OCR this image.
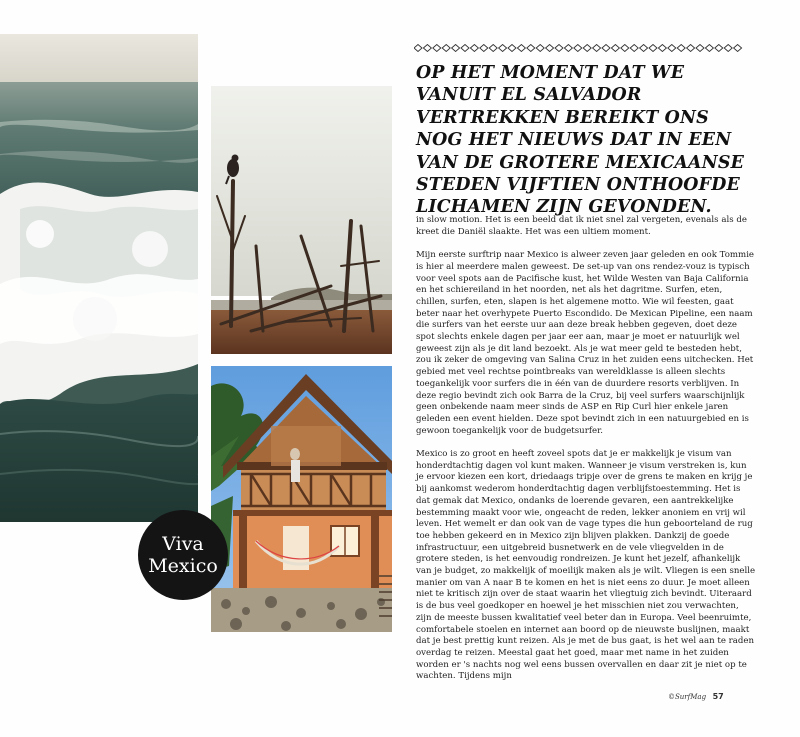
Viva
Mexico
OP HET MOMENT DAT WE VANUIT EL SALVADOR VERTREKKEN BEREIKT ONS NOG HET NIEUWS DAT IN EEN VAN DE GROTERE MEXICAANSE STEDEN VIJFTIEN ONTHOOFDE LICHAMEN ZIJN GEVONDEN.

in slow motion. Het is een beeld dat ik niet snel zal vergeten, evenals als de kreet die Daniël slaakte. Het was een ultiem moment.

Mijn eerste surftrip naar Mexico is alweer zeven jaar geleden en ook Tommie is hier al meerdere malen geweest. De set-up van ons rendez-vouz is typisch voor veel spots aan de Pacifische kust, het Wilde Westen van Baja California en het schiereiland in het noorden, net als het dagritme. Surfen, eten, chillen, surfen, eten, slapen is het algemene motto. Wie wil feesten, gaat beter naar het overhypete Puerto Escondido. De Mexican Pipeline, een naam die surfers van het eerste uur aan deze break hebben gegeven, doet deze spot slechts enkele dagen per jaar eer aan, maar je moet er natuurlijk wel geweest zijn als je dit land bezoekt. Als je wat meer geld te besteden hebt, zou ik zeker de omgeving van Salina Cruz in het zuiden eens uitchecken. Het gebied met veel rechtse pointbreaks van wereldklasse is alleen slechts toegankelijk voor surfers die in één van de duurdere resorts verblijven. In deze regio bevindt zich ook Barra de la Cruz, bij veel surfers waarschijnlijk geen onbekende naam meer sinds de ASP en Rip Curl hier enkele jaren geleden een event hielden. Deze spot bevindt zich in een natuurgebied en is gewoon toegankelijk voor de budgetsurfer.

Mexico is zo groot en heeft zoveel spots dat je er makkelijk je visum van honderdtachtig dagen vol kunt maken. Wanneer je visum verstreken is, kun je ervoor kiezen een kort, driedaags tripje over de grens te maken en krijg je bij aankomst wederom honderdtachtig dagen verblijfstoestemming. Het is dat gemak dat Mexico, ondanks de loerende gevaren, een aantrekkelijke bestemming maakt voor wie, ongeacht de reden, lekker anoniem en vrij wil leven. Het wemelt er dan ook van de vage types die hun geboorteland de rug toe hebben gekeerd en in Mexico zijn blijven plakken. Dankzij de goede infrastructuur, een uitgebreid busnetwerk en de vele vliegvelden in de grotere steden, is het eenvoudig rondreizen. Je kunt het jezelf, afhankelijk van je budget, zo makkelijk of moeilijk maken als je wilt. Vliegen is een snelle manier om van A naar B te komen en het is niet eens zo duur. Je moet alleen niet te kritisch zijn over de staat waarin het vliegtuig zich bevindt. Uiteraard is de bus veel goedkoper en hoewel je het misschien niet zou verwachten, zijn de meeste bussen kwalitatief veel beter dan in Europa. Veel beenruimte, comfortabele stoelen en internet aan boord op de nieuwste buslijnen, maakt dat je best prettig kunt reizen. Als je met de bus gaat, is het wel aan te raden overdag te reizen. Meestal gaat het goed, maar met name in het zuiden worden er 's nachts nog wel eens bussen overvallen en daar zit je niet op te wachten. Tijdens mijn

©SurfMag 57
